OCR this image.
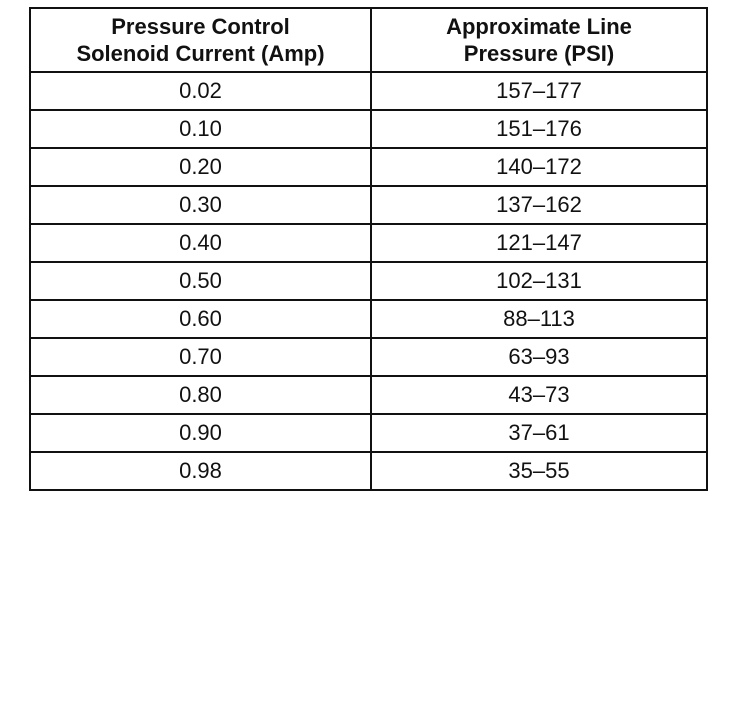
Pressure Control
Solenoid Current (Amp)	Approximate Line
Pressure (PSI)

0.02	157–177
0.10	151–176
0.20	140–172
0.30	137–162
0.40	121–147
0.50	102–131
0.60	88–113
0.70	63–93
0.80	43–73
0.90	37–61
0.98	35–55
